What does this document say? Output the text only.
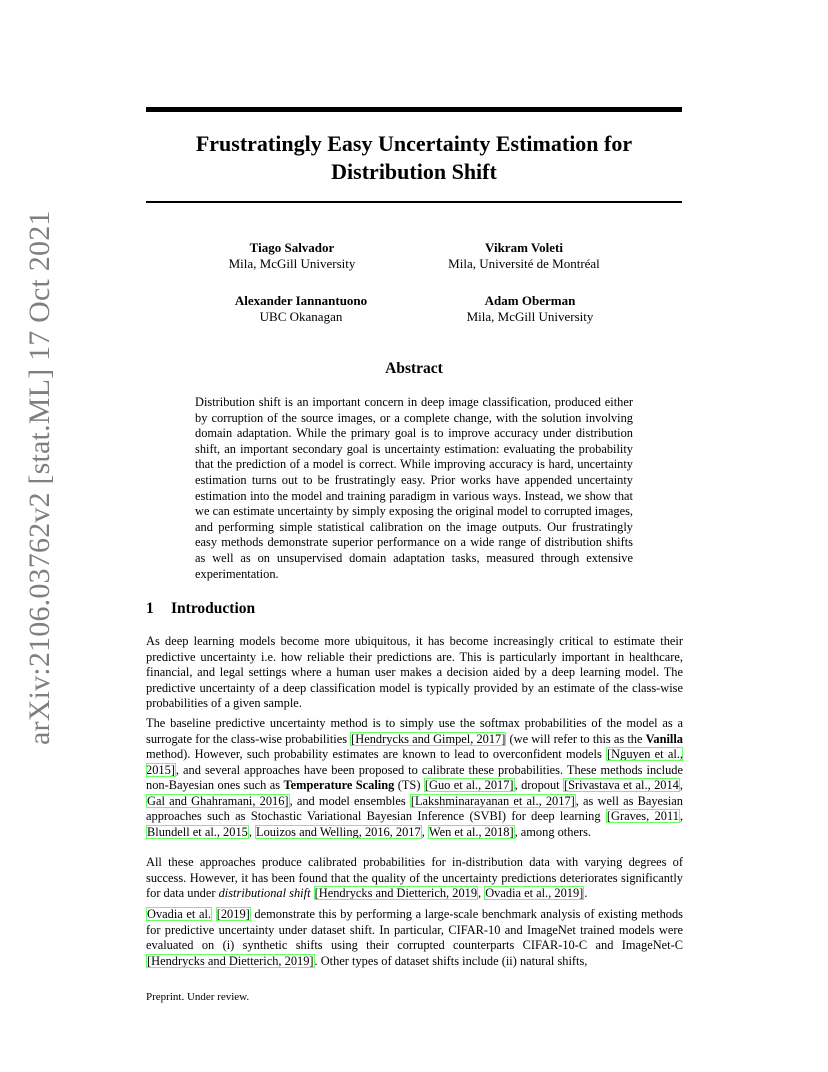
arXiv:2106.03762v2 [stat.ML] 17 Oct 2021
Frustratingly Easy Uncertainty Estimation for
Distribution Shift
Tiago Salvador
Mila, McGill University
Vikram Voleti
Mila, Université de Montréal
Alexander Iannantuono
UBC Okanagan
Adam Oberman
Mila, McGill University
Abstract
Distribution shift is an important concern in deep image classification, produced either by corruption of the source images, or a complete change, with the solution involving domain adaptation. While the primary goal is to improve accuracy under distribution shift, an important secondary goal is uncertainty estimation: evaluating the probability that the prediction of a model is correct. While improving accuracy is hard, uncertainty estimation turns out to be frustratingly easy. Prior works have appended uncertainty estimation into the model and training paradigm in various ways. Instead, we show that we can estimate uncertainty by simply exposing the original model to corrupted images, and performing simple statistical calibration on the image outputs. Our frustratingly easy methods demonstrate superior performance on a wide range of distribution shifts as well as on unsupervised domain adaptation tasks, measured through extensive experimentation.
1 Introduction

As deep learning models become more ubiquitous, it has become increasingly critical to estimate their predictive uncertainty i.e. how reliable their predictions are. This is particularly important in healthcare, financial, and legal settings where a human user makes a decision aided by a deep learning model. The predictive uncertainty of a deep classification model is typically provided by an estimate of the class-wise probabilities of a given sample.

The baseline predictive uncertainty method is to simply use the softmax probabilities of the model as a surrogate for the class-wise probabilities [Hendrycks and Gimpel, 2017] (we will refer to this as the Vanilla method). However, such probability estimates are known to lead to overconfident models [Nguyen et al., 2015], and several approaches have been proposed to calibrate these probabilities. These methods include non-Bayesian ones such as Temperature Scaling (TS) [Guo et al., 2017], dropout [Srivastava et al., 2014, Gal and Ghahramani, 2016], and model ensembles [Lakshminarayanan et al., 2017], as well as Bayesian approaches such as Stochastic Variational Bayesian Inference (SVBI) for deep learning [Graves, 2011, Blundell et al., 2015, Louizos and Welling, 2016, 2017, Wen et al., 2018], among others.

All these approaches produce calibrated probabilities for in-distribution data with varying degrees of success. However, it has been found that the quality of the uncertainty predictions deteriorates significantly for data under distributional shift [Hendrycks and Dietterich, 2019, Ovadia et al., 2019].

Ovadia et al. [2019] demonstrate this by performing a large-scale benchmark analysis of existing methods for predictive uncertainty under dataset shift. In particular, CIFAR-10 and ImageNet trained models were evaluated on (i) synthetic shifts using their corrupted counterparts CIFAR-10-C and ImageNet-C [Hendrycks and Dietterich, 2019]. Other types of dataset shifts include (ii) natural shifts,

Preprint. Under review.
